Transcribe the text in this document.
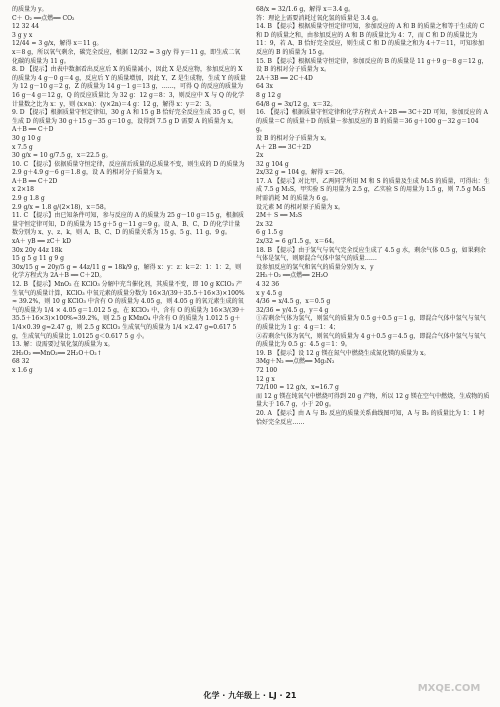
的质量为 y。

C＋ O₂ ══点燃══ CO₂

12 32 44

3 g y x

12/44 = 3 g/x，解得 x＝11 g。

x＝8 g，所以氧气剩余，碳完全反应，根据 12/32 = 3 g/y 得 y＝11 g，即生成二氧化碳的质量为 11 g。

8. D 【提示】由表中数据看出反应后 X 的质量减小，因此 X 是反应物，参加反应的 X 的质量为 4 g－0 g＝4 g，反应后 Y 的质量增加，因此 Y、Z 是生成物，生成 Y 的质量为 12 g－10 g＝2 g，Z 的质量为 14 g－1 g＝13 g，……，可得 Q 的反应的质量为 16 g－4 g＝12 g，Q 的反应质量比 为 32 g：12 g＝8：3，则反应中 X 与 Q 的化学计量数之比为 x：y，则 (x×n)：(y×2n)＝4 g：12 g，解得 x：y＝2：3。

9. D 【提示】根据质量守恒定律知，30 g A 和 15 g B 恰好完全反应生成 35 g C，则生成 D 的质量为 30 g＋15 g－35 g＝10 g，设得到 7.5 g D 需要 A 的质量为 x。

A＋B ══ C＋D

30 g 10 g

x 7.5 g

30 g/x = 10 g/7.5 g，x＝22.5 g。

10. C 【提示】依据质量守恒定律，反应前后质量的总质量不变，则生成的 D 的质量为 2.9 g＋4.9 g－6 g＝1.8 g，设 A 的相对分子质量为 x。

A＋B ══ C＋2D

x 2×18

2.9 g 1.8 g

2.9 g/x = 1.8 g/(2×18)，x＝58。

11. C 【提示】由已知条件可知，参与反应的 A 的质量为 25 g－10 g＝15 g，根据质量守恒定律可知，D 的质量为 15 g＋5 g－11 g＝9 g。设 A、B、C、D 的化学计量数分别为 x、y、z、k，则 A、B、C、D 的质量关系为 15 g、5 g、11 g、9 g。

xA＋ yB ══ zC＋ kD

30x 20y 44z 18k

15 g 5 g 11 g 9 g

30x/15 g = 20y/5 g = 44z/11 g = 18k/9 g，解得 x：y：z：k＝2：1：1：2，则化学方程式为 2A＋B ══ C＋2D。

12. B 【提示】MnO₂ 在 KClO₃ 分解中充当催化剂，其质量不变，即 10 g KClO₃ 产生氧气的质量计算，KClO₃ 中氧元素的质量分数为 16×3/(39＋35.5＋16×3)×100%

≈ 39.2%，则 10 g KClO₃ 中含有 O 的质量为 4.05 g，则 4.05 g 的氧元素生成的氧气的质量为 1/4 × 4.05 g＝1.012 5 g，在 KClO₃ 中，含有 O 的质量为 16×3/(39＋35.5＋16×3)×100%≈39.2%，则 2.5 g KMnO₄ 中含有 O 的质量为 1.012 5 g＋1/4×0.39 g≈2.47 g，则 2.5 g KClO₃ 生成氧气的质量为 1/4 ×2.47 g≈0.617 5 g，生成氧气的质量比 1.0125 g＜0.617 5 g 小。

13. 解：设需要过氧化氢的质量为 x。

2H₂O₂ ══MnO₂══ 2H₂O＋O₂↑

68 32

x 1.6 g

68/x = 32/1.6 g，解得 x＝3.4 g。

答：理论上需要消耗过氧化氢的质量是 3.4 g。

14. B 【提示】根据质量守恒定律可知，参加反应的 A 和 B 的质量之和等于生成的 C 和 D 的质量之和，由参加反应的 A 和 B 的质量比为 4：7，而 C 和 D 的质量比为 11：9，若 A、B 恰好完全反应，则生成 C 和 D 的质量之和为 4＋7＝11，可知参加反应的 B 的质量为 15 g。

15. B 【提示】根据质量守恒定律，参加反应的 B 的质量是 11 g＋9 g－8 g＝12 g，设 B 的相对分子质量为 x。

2A＋3B ══ 2C＋4D

64 3x

8 g 12 g

64/8 g = 3x/12 g，x＝32。

16. 【提示】根据质量守恒定律和化学方程式 A＋2B ══ 3C＋2D 可知，参加反应的 A 的质量＝C 的质量＋D 的质量－参加反应的 B 的质量＝36 g＋100 g－32 g＝104 g。

设 B 的相对分子质量为 x。

A＋ 2B ══ 3C＋2D

2x

32 g 104 g

2x/32 g = 104 g，解得 x＝26。

17. A 【提示】对比甲、乙两同学所用 M 和 S 的质量及生成 M₂S 的质量，可得出：生成 7.5 g M₂S，甲实验 S 的用量为 2.5 g，乙实验 S 的用量为 1.5 g，则 7.5 g M₂S 时需消耗 M 的质量为 6 g。

设元素 M 的相对原子质量为 x。

2M＋ S ══ M₂S

2x 32

6 g 1.5 g

2x/32 = 6 g/1.5 g，x＝64。

18. B 【提示】由于氢气与氧气完全反应生成了 4.5 g 水，剩余气体 0.5 g，如果剩余气体是氢气，则原混合气体中氢气的质量……

设参加反应的氢气和氧气的质量分别为 x、y

2H₂＋O₂ ══点燃══ 2H₂O

4 32 36

x y 4.5 g

4/36 = x/4.5 g，x＝0.5 g

32/36 = y/4.5 g，y＝4 g

①若剩余气体为氢气，则氢气的质量为 0.5 g＋0.5 g＝1 g，即混合气体中氢气与氧气的质量比为 1 g：4 g＝1：4；

②若剩余气体为氧气，则氧气的质量为 4 g＋0.5 g＝4.5 g，即混合气体中氢气与氧气的质量比为 0.5 g：4.5 g＝1：9。

19. B 【提示】设 12 g 镁在氮气中燃烧生成氮化镁的质量为 x。

3Mg＋N₂ ══点燃══ Mg₃N₂

72 100

12 g x

72/100 = 12 g/x，x≈16.7 g

而 12 g 镁在纯氧气中燃烧可得到 20 g 产物，所以 12 g 镁在空气中燃烧，生成物的质量大于 16.7 g，小于 20 g。

20. A 【提示】由 A 与 B₂ 反应的质量关系曲线图可知，A 与 B₂ 的质量比为 1：1 时恰好完全反应……

化学 · 九年级上 · LJ · 21
MXQE.COM
